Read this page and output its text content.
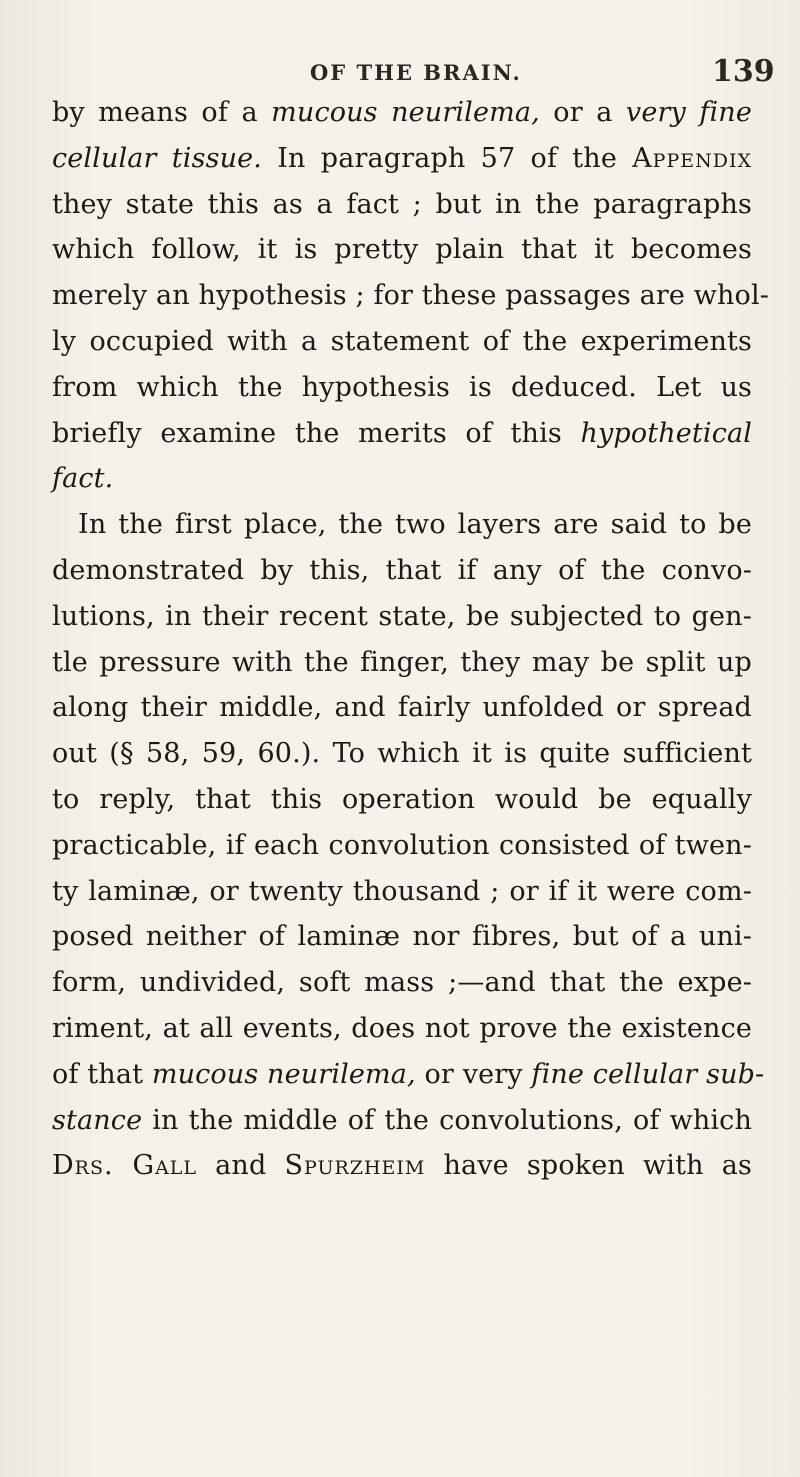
OF THE BRAIN.	139
by means of a mucous neurilema, or a very fine
cellular tissue. In paragraph 57 of the Appendix
they state this as a fact ; but in the paragraphs
which follow, it is pretty plain that it becomes
merely an hypothesis ; for these passages are whol-
ly occupied with a statement of the experiments
from which the hypothesis is deduced. Let us
briefly examine the merits of this hypothetical
fact.
In the first place, the two layers are said to be
demonstrated by this, that if any of the convo-
lutions, in their recent state, be subjected to gen-
tle pressure with the finger, they may be split up
along their middle, and fairly unfolded or spread
out (§ 58, 59, 60.). To which it is quite sufficient
to reply, that this operation would be equally
practicable, if each convolution consisted of twen-
ty laminæ, or twenty thousand ; or if it were com-
posed neither of laminæ nor fibres, but of a uni-
form, undivided, soft mass ;—and that the expe-
riment, at all events, does not prove the existence
of that mucous neurilema, or very fine cellular sub-
stance in the middle of the convolutions, of which
Drs. Gall and Spurzheim have spoken with as
